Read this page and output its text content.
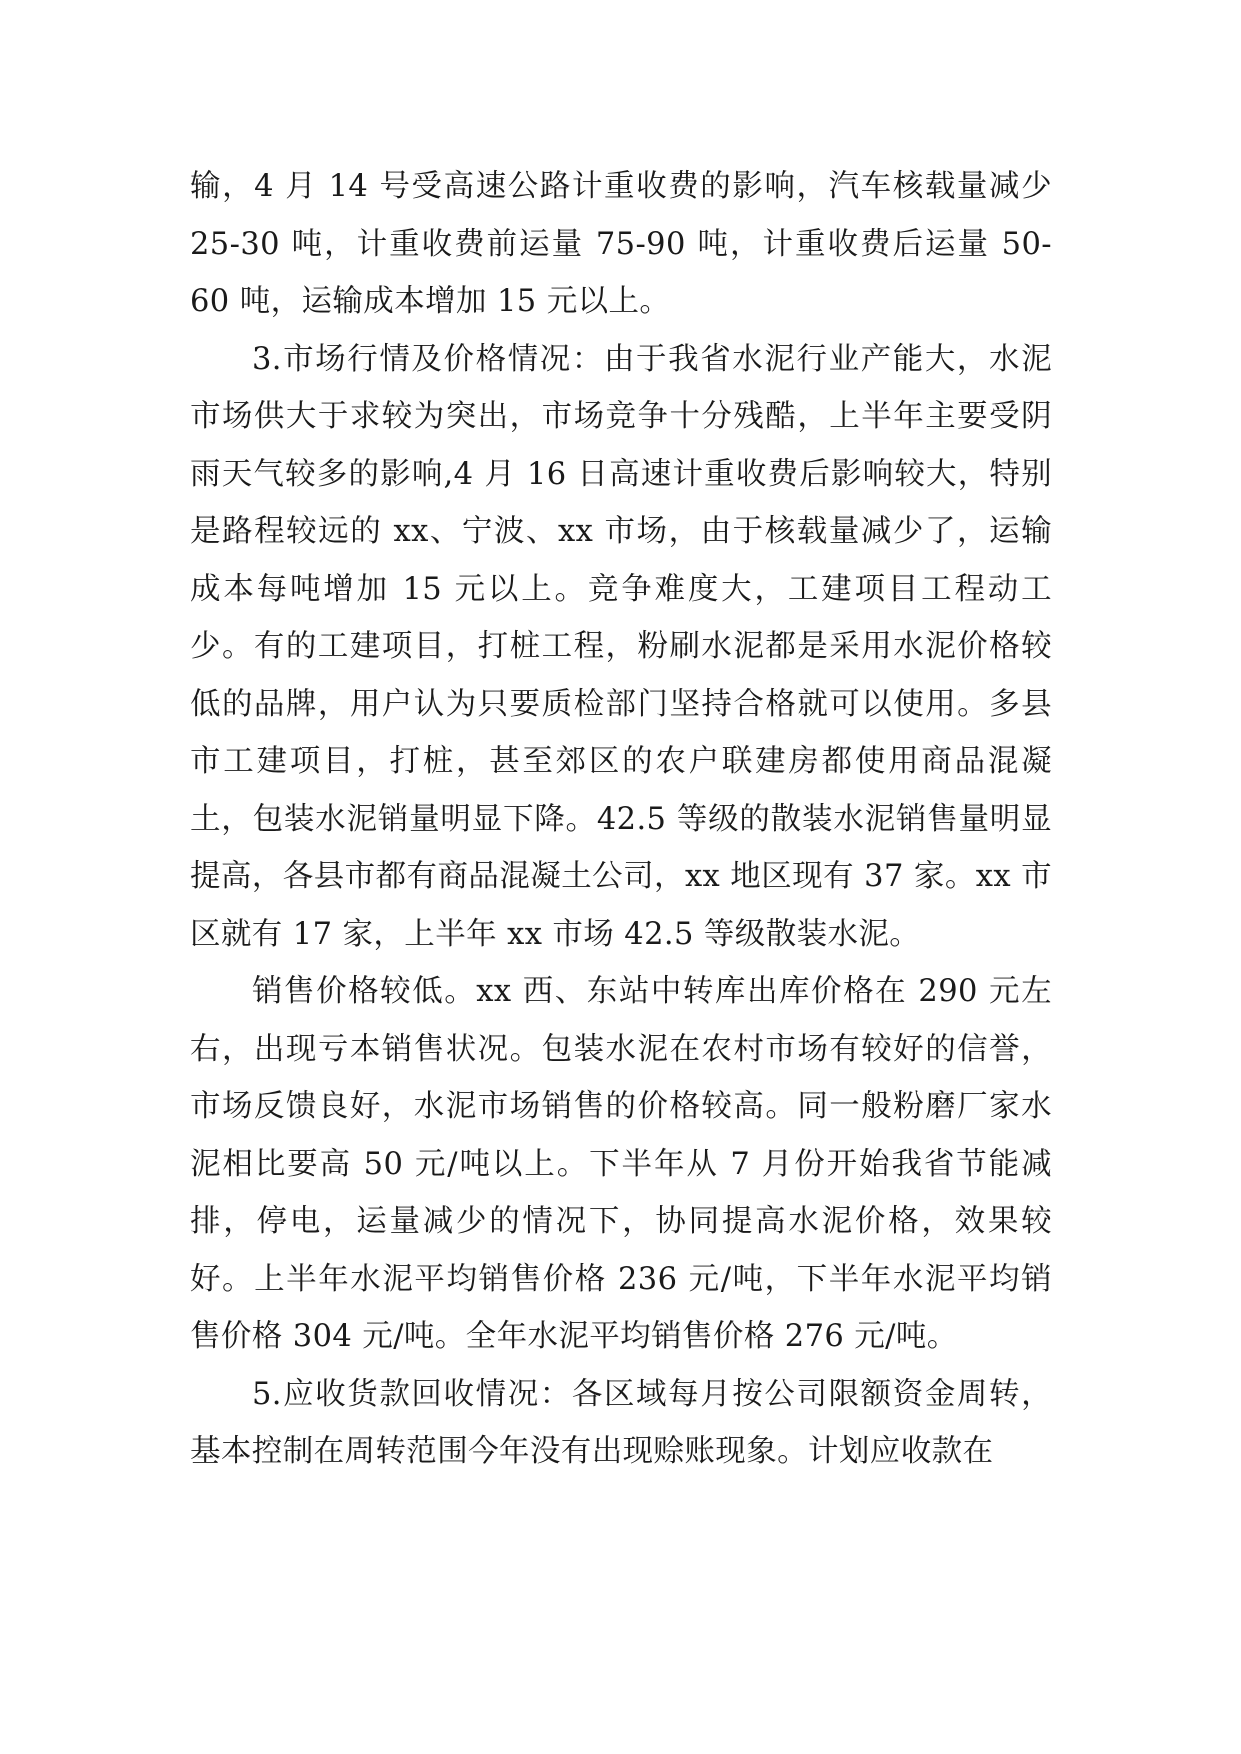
输，4 月 14 号受高速公路计重收费的影响，汽车核载量减少 25-30 吨，计重收费前运量 75-90 吨，计重收费后运量 50-60 吨，运输成本增加 15 元以上。

3.市场行情及价格情况：由于我省水泥行业产能大，水泥市场供大于求较为突出，市场竞争十分残酷，上半年主要受阴雨天气较多的影响,4 月 16 日高速计重收费后影响较大，特别是路程较远的 xx、宁波、xx 市场，由于核载量减少了，运输成本每吨增加 15 元以上。竞争难度大，工建项目工程动工少。有的工建项目，打桩工程，粉刷水泥都是采用水泥价格较低的品牌，用户认为只要质检部门坚持合格就可以使用。多县市工建项目，打桩，甚至郊区的农户联建房都使用商品混凝土，包装水泥销量明显下降。42.5 等级的散装水泥销售量明显提高，各县市都有商品混凝土公司，xx 地区现有 37 家。xx 市区就有 17 家，上半年 xx 市场 42.5 等级散装水泥。

销售价格较低。xx 西、东站中转库出库价格在 290 元左右，出现亏本销售状况。包装水泥在农村市场有较好的信誉，市场反馈良好，水泥市场销售的价格较高。同一般粉磨厂家水泥相比要高 50 元/吨以上。下半年从 7 月份开始我省节能减排，停电，运量减少的情况下，协同提高水泥价格，效果较好。上半年水泥平均销售价格 236 元/吨，下半年水泥平均销售价格 304 元/吨。全年水泥平均销售价格 276 元/吨。

5.应收货款回收情况：各区域每月按公司限额资金周转，基本控制在周转范围今年没有出现赊账现象。计划应收款在
